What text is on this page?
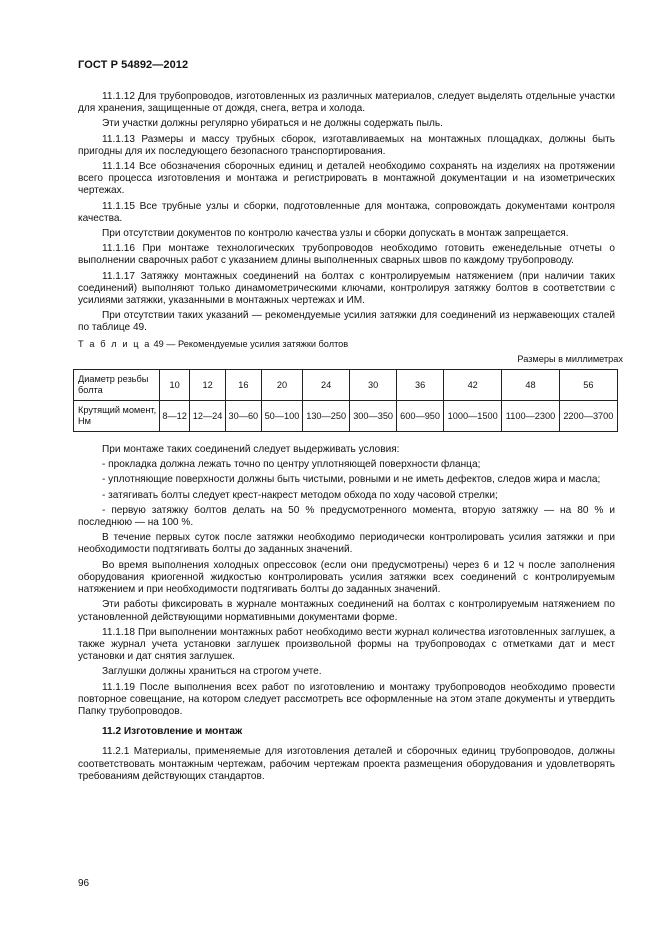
ГОСТ Р 54892—2012

11.1.12 Для трубопроводов, изготовленных из различных материалов, следует выделять отдельные участки для хранения, защищенные от дождя, снега, ветра и холода.

Эти участки должны регулярно убираться и не должны содержать пыль.

11.1.13 Размеры и массу трубных сборок, изготавливаемых на монтажных площадках, должны быть пригодны для их последующего безопасного транспортирования.

11.1.14 Все обозначения сборочных единиц и деталей необходимо сохранять на изделиях на протяжении всего процесса изготовления и монтажа и регистрировать в монтажной документации и на изометрических чертежах.

11.1.15 Все трубные узлы и сборки, подготовленные для монтажа, сопровождать документами контроля качества.

При отсутствии документов по контролю качества узлы и сборки допускать в монтаж запрещается.

11.1.16 При монтаже технологических трубопроводов необходимо готовить еженедельные отчеты о выполнении сварочных работ с указанием длины выполненных сварных швов по каждому трубопроводу.

11.1.17 Затяжку монтажных соединений на болтах с контролируемым натяжением (при наличии таких соединений) выполняют только динамометрическими ключами, контролируя затяжку болтов в соответствии с усилиями затяжки, указанными в монтажных чертежах и ИМ.

При отсутствии таких указаний — рекомендуемые усилия затяжки для соединений из нержавеющих сталей по таблице 49.

Т а б л и ц а 49 — Рекомендуемые усилия затяжки болтов

Размеры в миллиметрах
Диаметр резьбы болта	10	12	16	20	24	30	36	42	48	56
Крутящий момент, Нм	8—12	12—24	30—60	50—100	130—250	300—350	600—950	1000—1500	1100—2300	2200—3700

При монтаже таких соединений следует выдерживать условия:

- прокладка должна лежать точно по центру уплотняющей поверхности фланца;

- уплотняющие поверхности должны быть чистыми, ровными и не иметь дефектов, следов жира и масла;

- затягивать болты следует крест-накрест методом обхода по ходу часовой стрелки;

- первую затяжку болтов делать на 50 % предусмотренного момента, вторую затяжку — на 80 % и последнюю — на 100 %.

В течение первых суток после затяжки необходимо периодически контролировать усилия затяжки и при необходимости подтягивать болты до заданных значений.

Во время выполнения холодных опрессовок (если они предусмотрены) через 6 и 12 ч после заполнения оборудования криогенной жидкостью контролировать усилия затяжки всех соединений с контролируемым натяжением и при необходимости подтягивать болты до заданных значений.

Эти работы фиксировать в журнале монтажных соединений на болтах с контролируемым натяжением по установленной действующими нормативными документами форме.

11.1.18 При выполнении монтажных работ необходимо вести журнал количества изготовленных заглушек, а также журнал учета установки заглушек произвольной формы на трубопроводах с отметками дат и мест установки и дат снятия заглушек.

Заглушки должны храниться на строгом учете.

11.1.19 После выполнения всех работ по изготовлению и монтажу трубопроводов необходимо провести повторное совещание, на котором следует рассмотреть все оформленные на этом этапе документы и утвердить Папку трубопроводов.

11.2 Изготовление и монтаж

11.2.1 Материалы, применяемые для изготовления деталей и сборочных единиц трубопроводов, должны соответствовать монтажным чертежам, рабочим чертежам проекта размещения оборудования и удовлетворять требованиям действующих стандартов.

96
